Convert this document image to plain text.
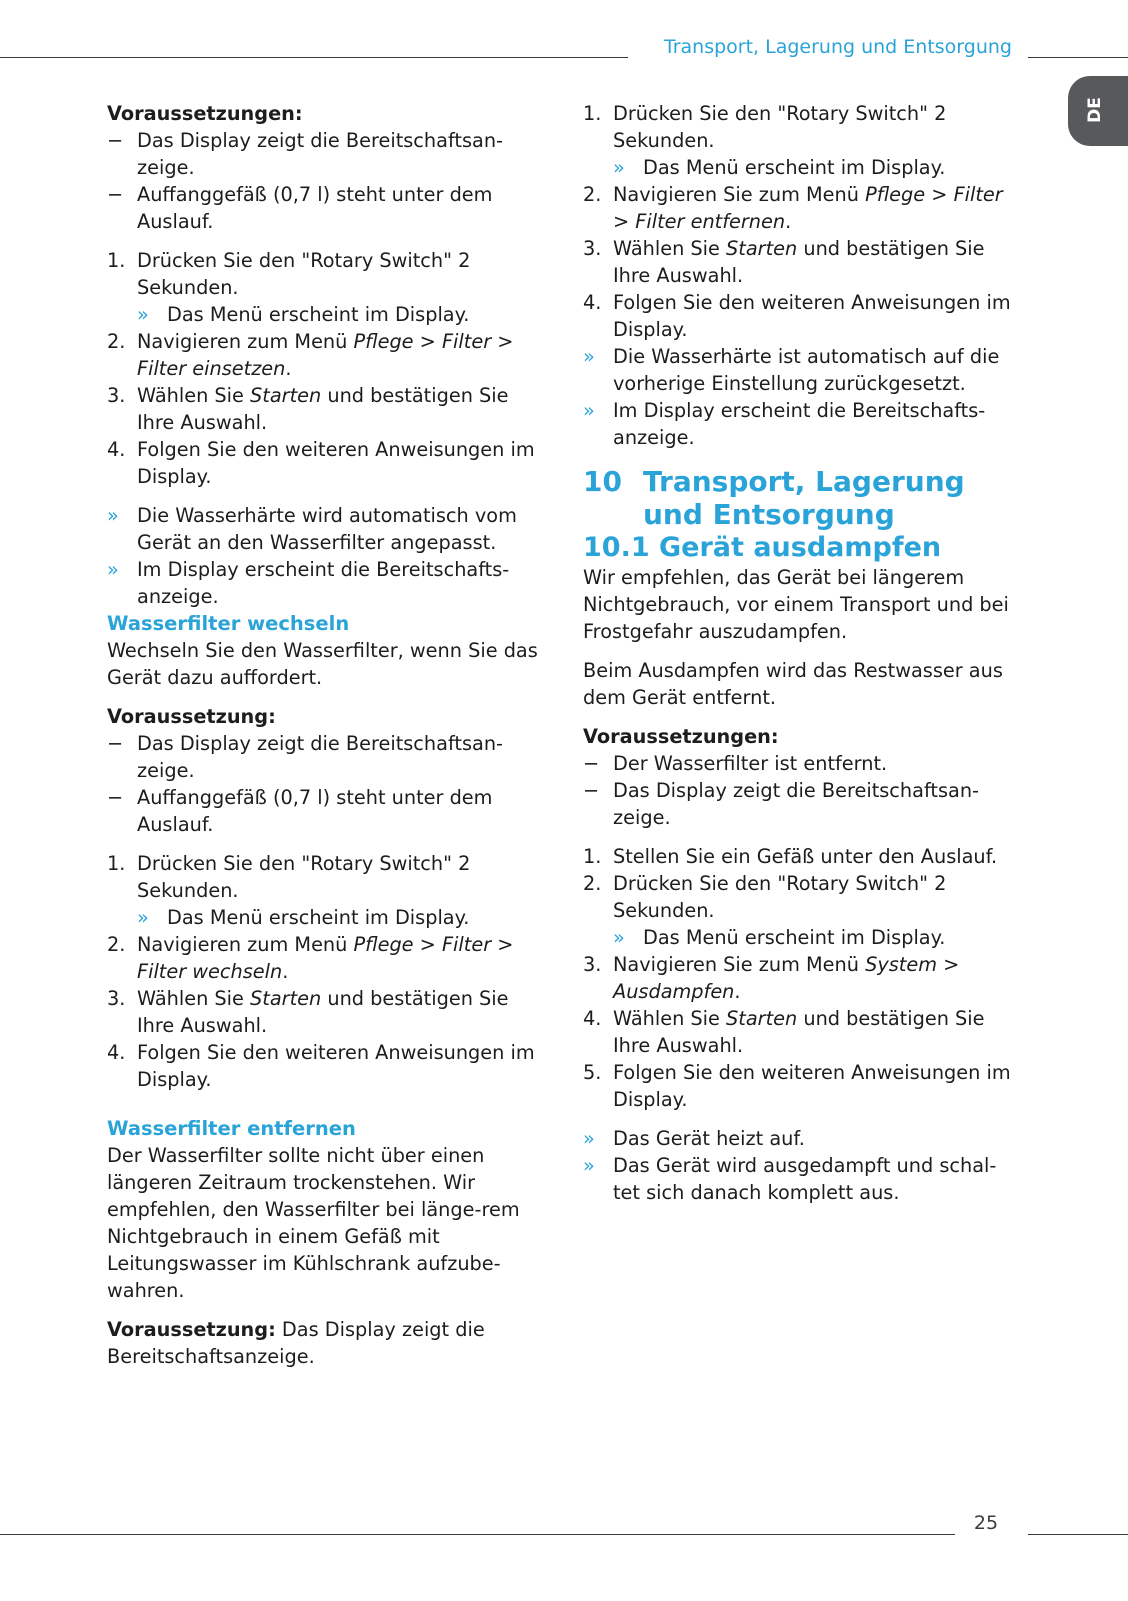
Transport, Lagerung und Entsorgung
DE

Voraussetzungen:

− Das Display zeigt die Bereitschaftsan-zeige.
− Auffanggefäß (0,7 l) steht unter dem Auslauf.
1. Drücken Sie den "Rotary Switch" 2 Sekunden.
» Das Menü erscheint im Display.
2. Navigieren zum Menü Pflege > Filter > Filter einsetzen.
3. Wählen Sie Starten und bestätigen Sie Ihre Auswahl.
4. Folgen Sie den weiteren Anweisungen im Display.
» Die Wasserhärte wird automatisch vom Gerät an den Wasserfilter angepasst.
» Im Display erscheint die Bereitschafts-anzeige.

Wasserfilter wechseln

Wechseln Sie den Wasserfilter, wenn Sie das Gerät dazu auffordert.

Voraussetzung:

− Das Display zeigt die Bereitschaftsan-zeige.
− Auffanggefäß (0,7 l) steht unter dem Auslauf.
1. Drücken Sie den "Rotary Switch" 2 Sekunden.
» Das Menü erscheint im Display.
2. Navigieren zum Menü Pflege > Filter > Filter wechseln.
3. Wählen Sie Starten und bestätigen Sie Ihre Auswahl.
4. Folgen Sie den weiteren Anweisungen im Display.

Wasserfilter entfernen

Der Wasserfilter sollte nicht über einen längeren Zeitraum trockenstehen. Wir empfehlen, den Wasserfilter bei länge-rem Nichtgebrauch in einem Gefäß mit Leitungswasser im Kühlschrank aufzube-wahren.

Voraussetzung: Das Display zeigt die Bereitschaftsanzeige.

1. Drücken Sie den "Rotary Switch" 2 Sekunden.
» Das Menü erscheint im Display.
2. Navigieren Sie zum Menü Pflege > Filter > Filter entfernen.
3. Wählen Sie Starten und bestätigen Sie Ihre Auswahl.
4. Folgen Sie den weiteren Anweisungen im Display.
» Die Wasserhärte ist automatisch auf die vorherige Einstellung zurückgesetzt.
» Im Display erscheint die Bereitschafts-anzeige.
10 Transport, Lagerung und Entsorgung

10.1 Gerät ausdampfen

Wir empfehlen, das Gerät bei längerem Nichtgebrauch, vor einem Transport und bei Frostgefahr auszudampfen.

Beim Ausdampfen wird das Restwasser aus dem Gerät entfernt.

Voraussetzungen:

− Der Wasserfilter ist entfernt.
− Das Display zeigt die Bereitschaftsan-zeige.
1. Stellen Sie ein Gefäß unter den Auslauf.
2. Drücken Sie den "Rotary Switch" 2 Sekunden.
» Das Menü erscheint im Display.
3. Navigieren Sie zum Menü System > Ausdampfen.
4. Wählen Sie Starten und bestätigen Sie Ihre Auswahl.
5. Folgen Sie den weiteren Anweisungen im Display.
» Das Gerät heizt auf.
» Das Gerät wird ausgedampft und schal-tet sich danach komplett aus.
25
